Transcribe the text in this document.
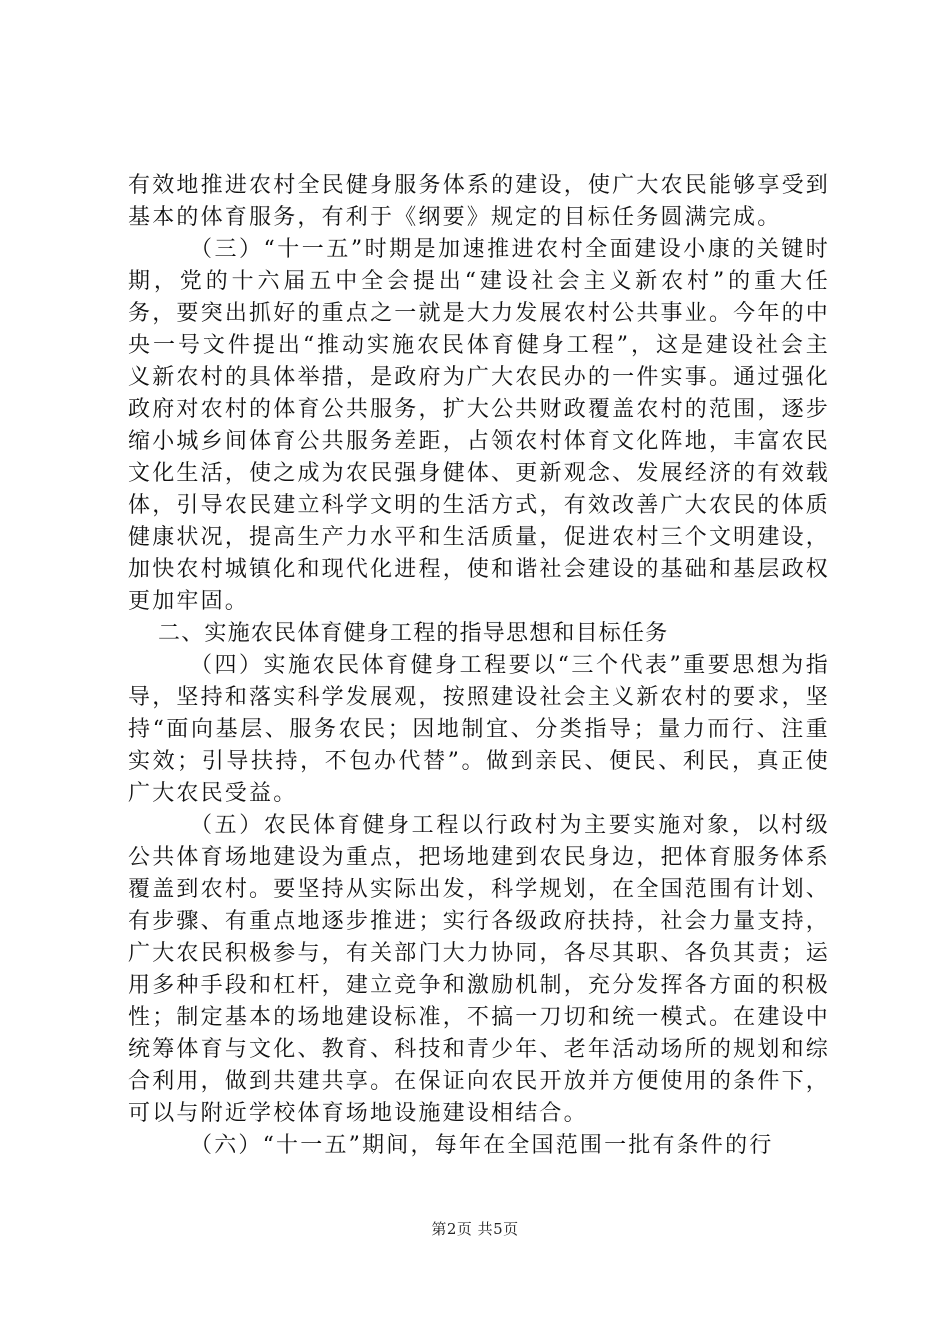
有效地推进农村全民健身服务体系的建设，使广大农民能够享受到基本的体育服务，有利于《纲要》规定的目标任务圆满完成。

（三）“十一五”时期是加速推进农村全面建设小康的关键时期，党的十六届五中全会提出“建设社会主义新农村”的重大任务，要突出抓好的重点之一就是大力发展农村公共事业。今年的中央一号文件提出“推动实施农民体育健身工程”，这是建设社会主义新农村的具体举措，是政府为广大农民办的一件实事。通过强化政府对农村的体育公共服务，扩大公共财政覆盖农村的范围，逐步缩小城乡间体育公共服务差距，占领农村体育文化阵地，丰富农民文化生活，使之成为农民强身健体、更新观念、发展经济的有效载体，引导农民建立科学文明的生活方式，有效改善广大农民的体质健康状况，提高生产力水平和生活质量，促进农村三个文明建设，加快农村城镇化和现代化进程，使和谐社会建设的基础和基层政权更加牢固。

二、实施农民体育健身工程的指导思想和目标任务

（四）实施农民体育健身工程要以“三个代表”重要思想为指导，坚持和落实科学发展观，按照建设社会主义新农村的要求，坚持“面向基层、服务农民；因地制宜、分类指导；量力而行、注重实效；引导扶持，不包办代替”。做到亲民、便民、利民，真正使广大农民受益。

（五）农民体育健身工程以行政村为主要实施对象，以村级公共体育场地建设为重点，把场地建到农民身边，把体育服务体系覆盖到农村。要坚持从实际出发，科学规划，在全国范围有计划、有步骤、有重点地逐步推进；实行各级政府扶持，社会力量支持，广大农民积极参与，有关部门大力协同，各尽其职、各负其责；运用多种手段和杠杆，建立竞争和激励机制，充分发挥各方面的积极性；制定基本的场地建设标准，不搞一刀切和统一模式。在建设中统筹体育与文化、教育、科技和青少年、老年活动场所的规划和综合利用，做到共建共享。在保证向农民开放并方便使用的条件下，可以与附近学校体育场地设施建设相结合。

（六）“十一五”期间，每年在全国范围一批有条件的行

第2页 共5页
